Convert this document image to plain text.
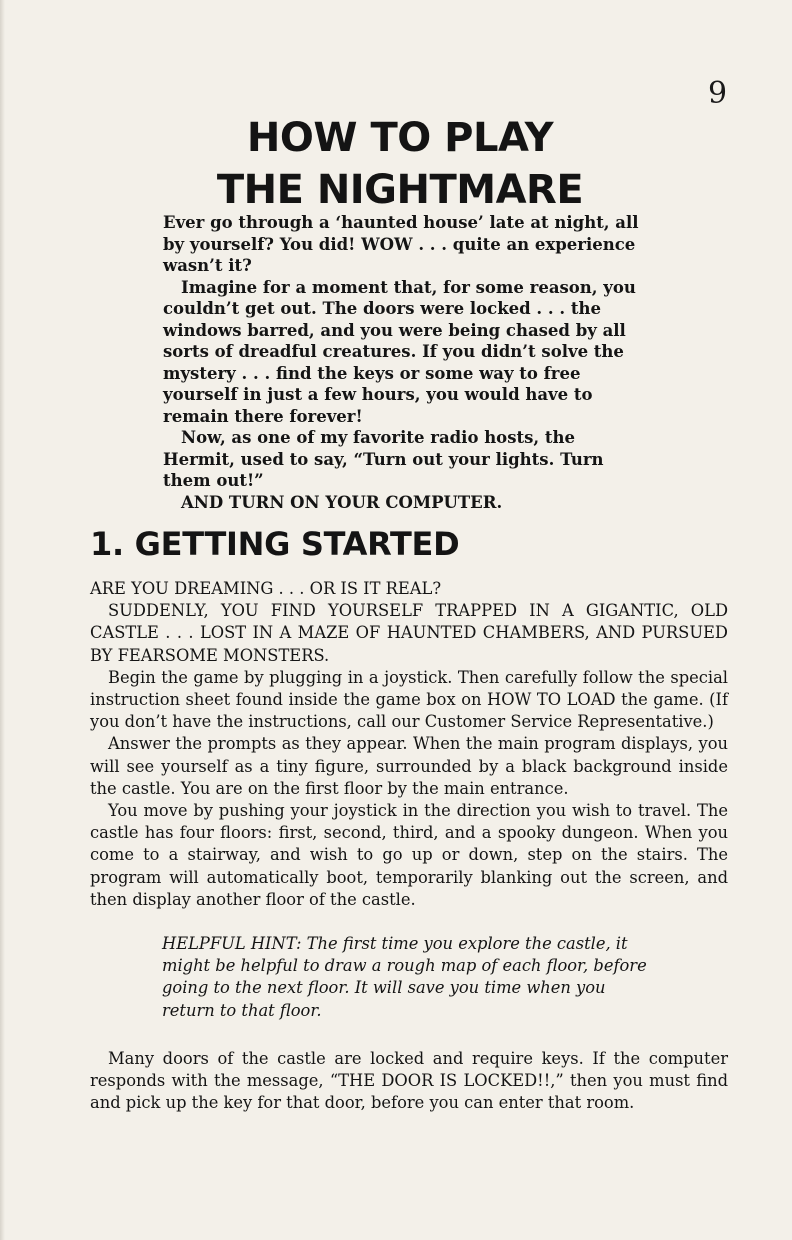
9
HOW TO PLAY
THE NIGHTMARE

Ever go through a ‘haunted house’ late at night, all by yourself? You did! WOW . . . quite an experience wasn’t it?

Imagine for a moment that, for some reason, you couldn’t get out. The doors were locked . . . the windows barred, and you were being chased by all sorts of dreadful creatures. If you didn’t solve the mystery . . . find the keys or some way to free yourself in just a few hours, you would have to remain there forever!

Now, as one of my favorite radio hosts, the Hermit, used to say, “Turn out your lights. Turn them out!”

AND TURN ON YOUR COMPUTER.

1. GETTING STARTED

ARE YOU DREAMING . . . OR IS IT REAL?

SUDDENLY, YOU FIND YOURSELF TRAPPED IN A GIGANTIC, OLD CASTLE . . . LOST IN A MAZE OF HAUNTED CHAMBERS, AND PURSUED BY FEARSOME MONSTERS.

Begin the game by plugging in a joystick. Then carefully follow the special instruction sheet found inside the game box on HOW TO LOAD the game. (If you don’t have the instructions, call our Customer Service Representative.)

Answer the prompts as they appear. When the main program displays, you will see yourself as a tiny figure, surrounded by a black background inside the castle. You are on the first floor by the main entrance.

You move by pushing your joystick in the direction you wish to travel. The castle has four floors: first, second, third, and a spooky dungeon. When you come to a stairway, and wish to go up or down, step on the stairs. The program will automatically boot, temporarily blanking out the screen, and then display another floor of the castle.

HELPFUL HINT: The first time you explore the castle, it might be helpful to draw a rough map of each floor, before going to the next floor. It will save you time when you return to that floor.

Many doors of the castle are locked and require keys. If the computer responds with the message, “THE DOOR IS LOCKED!!,” then you must find and pick up the key for that door, before you can enter that room.
